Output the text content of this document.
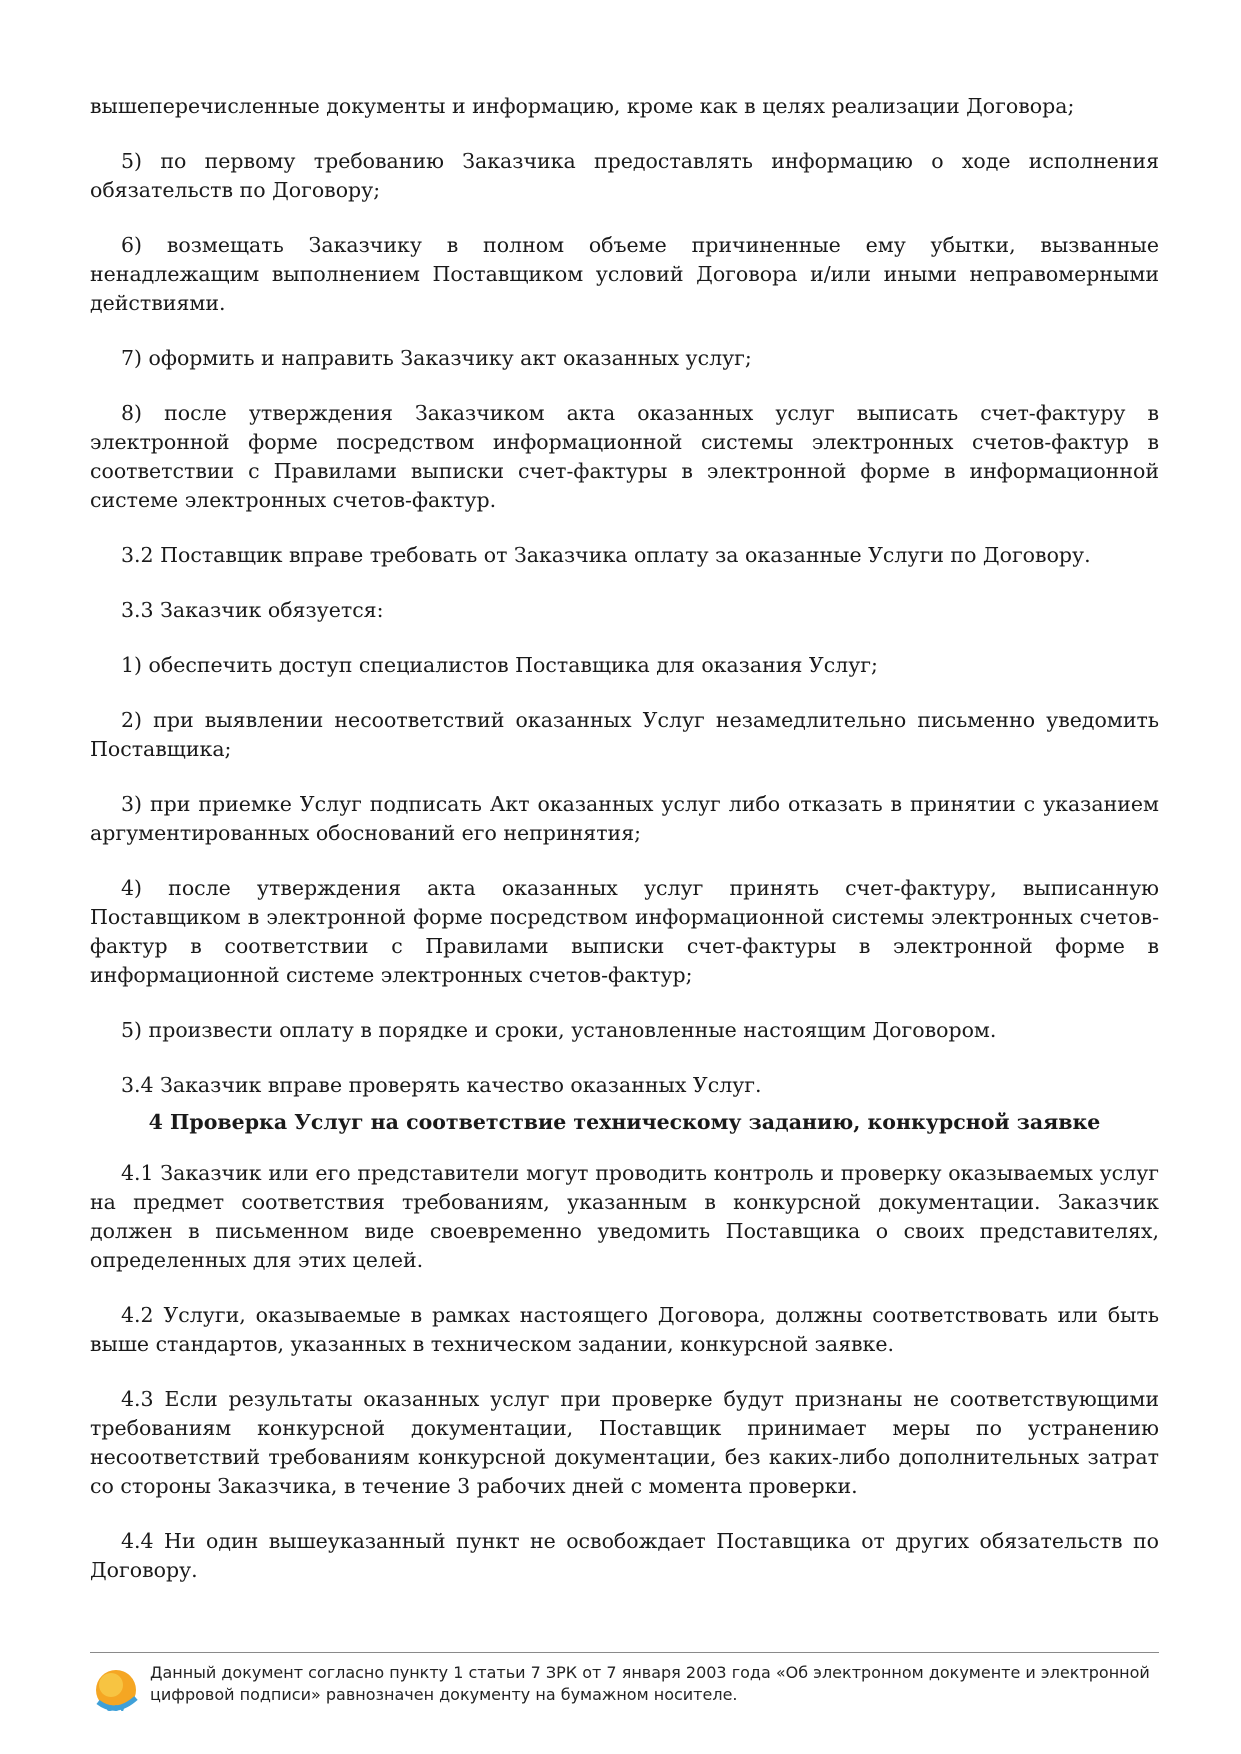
вышеперечисленные документы и информацию, кроме как в целях реализации Договора;

5) по первому требованию Заказчика предоставлять информацию о ходе исполнения обязательств по Договору;

6) возмещать Заказчику в полном объеме причиненные ему убытки, вызванные ненадлежащим выполнением Поставщиком условий Договора и/или иными неправомерными действиями.

7) оформить и направить Заказчику акт оказанных услуг;

8) после утверждения Заказчиком акта оказанных услуг выписать счет-фактуру в электронной форме посредством информационной системы электронных счетов-фактур в соответствии с Правилами выписки счет-фактуры в электронной форме в информационной системе электронных счетов-фактур.

3.2 Поставщик вправе требовать от Заказчика оплату за оказанные Услуги по Договору.

3.3 Заказчик обязуется:

1) обеспечить доступ специалистов Поставщика для оказания Услуг;

2) при выявлении несоответствий оказанных Услуг незамедлительно письменно уведомить Поставщика;

3) при приемке Услуг подписать Акт оказанных услуг либо отказать в принятии с указанием аргументированных обоснований его непринятия;

4) после утверждения акта оказанных услуг принять счет-фактуру, выписанную Поставщиком в электронной форме посредством информационной системы электронных счетов-фактур в соответствии с Правилами выписки счет-фактуры в электронной форме в информационной системе электронных счетов-фактур;

5) произвести оплату в порядке и сроки, установленные настоящим Договором.

3.4 Заказчик вправе проверять качество оказанных Услуг.

4 Проверка Услуг на соответствие техническому заданию, конкурсной заявке

4.1 Заказчик или его представители могут проводить контроль и проверку оказываемых услуг на предмет соответствия требованиям, указанным в конкурсной документации. Заказчик должен в письменном виде своевременно уведомить Поставщика о своих представителях, определенных для этих целей.

4.2 Услуги, оказываемые в рамках настоящего Договора, должны соответствовать или быть выше стандартов, указанных в техническом задании, конкурсной заявке.

4.3 Если результаты оказанных услуг при проверке будут признаны не соответствующими требованиям конкурсной документации, Поставщик принимает меры по устранению несоответствий требованиям конкурсной документации, без каких-либо дополнительных затрат со стороны Заказчика, в течение 3 рабочих дней с момента проверки.

4.4 Ни один вышеуказанный пункт не освобождает Поставщика от других обязательств по Договору.

GOV
Данный документ согласно пункту 1 статьи 7 ЗРК от 7 января 2003 года «Об электронном документе и электронной цифровой подписи» равнозначен документу на бумажном носителе.
